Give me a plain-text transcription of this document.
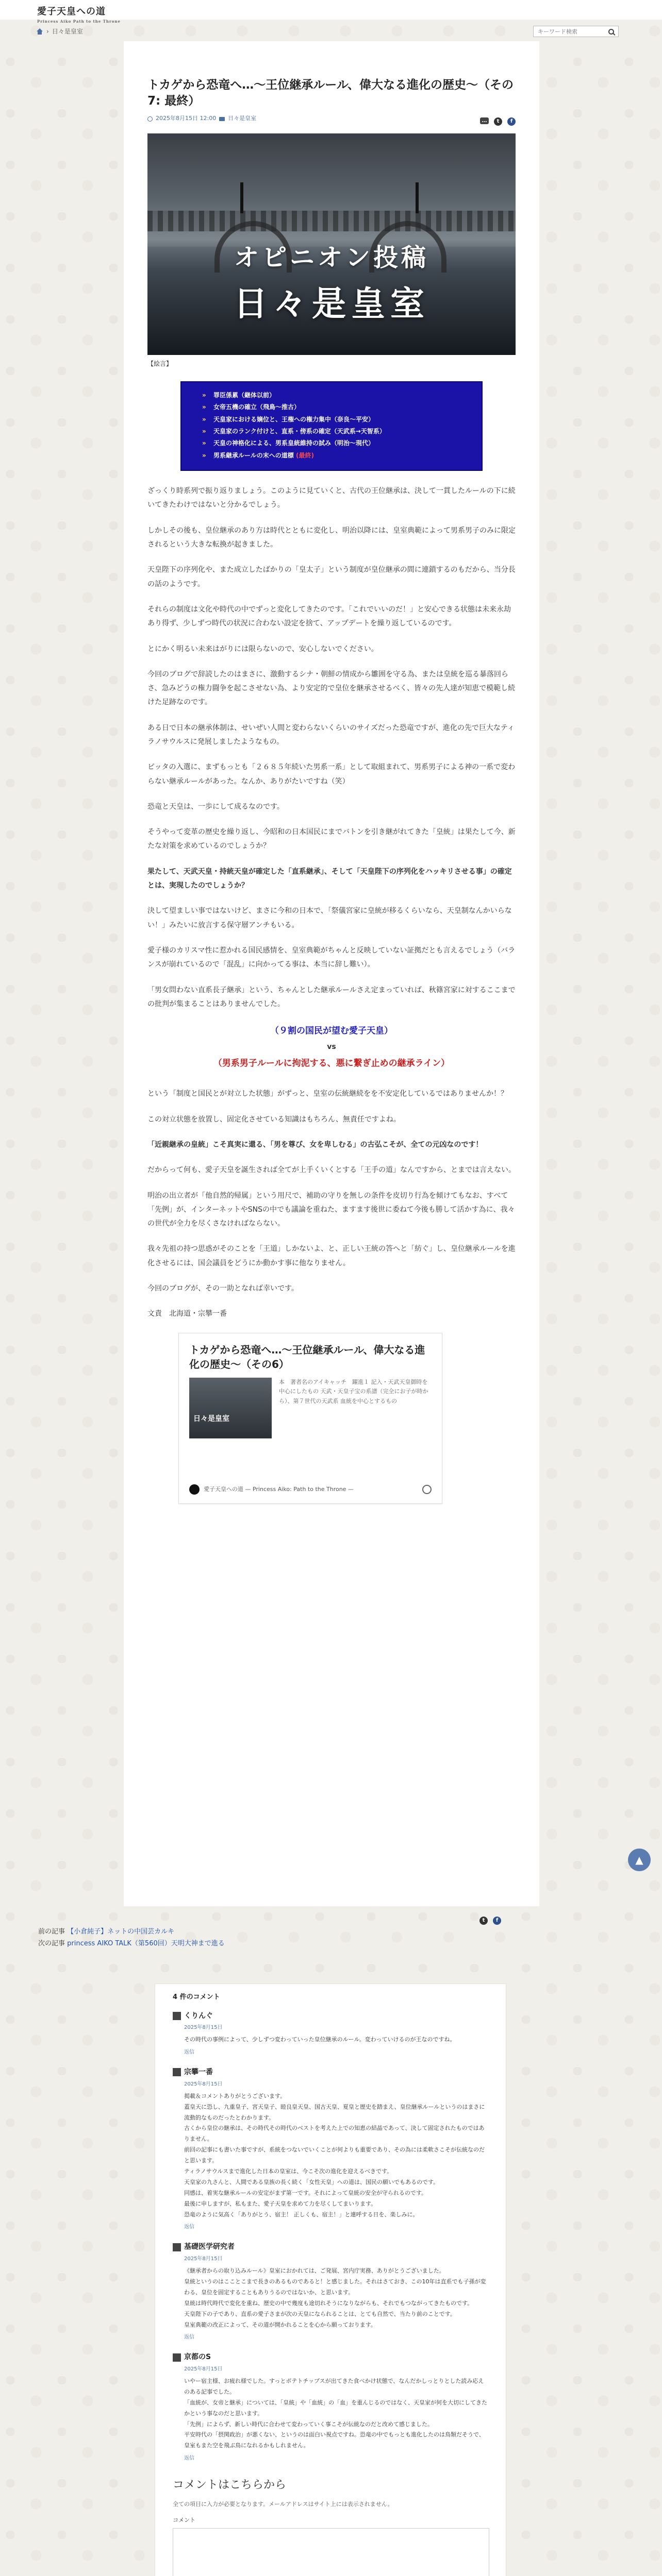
愛子天皇への道
Princess Aiko Path to the Throne
› 日々是皇室
キーワード検索
トカゲから恐竜へ…〜王位継承ルール、偉大なる進化の歴史〜（その7: 最終）
2025年8月15日 12:00 日々是皇室	…	t	f
オピニオン投稿
日々是皇室
【絵言】
» 罪臣係累（継体以前）
» 女帝五機の確立（飛鳥〜推古）
» 天皇家における嫡位と、王権への権力集中（奈良〜平安）
» 天皇家のランク付けと、直系・傍系の確定（天武系→天智系）
» 天皇の神格化による、男系皇統維持の試み（明治〜現代）
» 男系継承ルールの末への道標 (最終)

ざっくり時系列で振り返りましょう。このように見ていくと、古代の王位継承は、決して一貫したルールの下に続いてきたわけではないと分かるでしょう。

しかしその後も、皇位継承のあり方は時代とともに変化し、明治以降には、皇室典範によって男系男子のみに限定されるという大きな転換が起きました。

天皇陛下の序列化や、また成立したばかりの「皇太子」という制度が皇位継承の間に連鎖するのもだから、当分長の話のようです。

それらの制度は文化や時代の中でずっと変化してきたのです。「これでいいのだ！」と安心できる状態は未来永劫あり得ず、少しずつ時代の状況に合わない設定を捨て、アップデートを繰り返しているのです。

とにかく明るい未来はがりには限らないので、安心しないでください。

今回のブログで辞読したのはまさに、激動するシナ・朝鮮の情成から雛囲を守る為、または皇統を巡る暴落回らさ、急みどうの権力闘争を起こさせない為、より安定的で皇位を継承させるべく、皆々の先人達が知恵で模範し続けた足跡なのです。

ある日で日本の継承体制は、せいぜい人間と変わらないくらいのサイズだった恐竜ですが、進化の先で巨大なティラノサウルスに発展しましたようなもの。

ピッタの入選に、まずもっとも「２６８５年続いた男系一系」として取組まれて、男系男子による神の一系で変わらない継承ルールがあった。なんか、ありがたいですね（笑）

恐竜と天皇は、一歩にして成るなのです。

そうやって変革の歴史を繰り返し、今昭和の日本国民にまでバトンを引き継がれてきた「皇統」は果たして今、新たな対策を求めているのでしょうか？

果たして、天武天皇・持統天皇が確定した「直系継承」、そして「天皇陛下の序列化をハッキリさせる事」の確定とは、実現したのでしょうか？

決して望ましい事ではないけど、まさに今和の日本で、「祭儀宮家に皇統が移るくらいなら、天皇制なんかいらない！」みたいに放言する保守層アンチもいる。

愛子様のカリスマ性に惹かれる国民感情を、皇室典範がちゃんと反映していない証拠だとも言えるでしょう（バランスが崩れているので「混乱」に向かってる事は、本当に辞し難い）。

「男女問わない直系長子継承」という、ちゃんとした継承ルールさえ定まっていれば、秋篠宮家に対するここまでの批判が集まることはありませんでした。

（９割の国民が望む愛子天皇）
vs
（男系男子ルールに拘泥する、悪に繋ぎ止めの継承ライン）

という「制度と国民とが対立した状態」がずっと、皇室の伝統継続をを不安定化しているではありませんか！？

この対立状態を放置し、固定化させている知識はもちろん、無責任ですよね。

「近親継承の皇統」こそ真実に還る、「男を尊び、女を卑しむる」の古弘こそが、全ての元凶なのです！

だからって何も、愛子天皇を誕生されば全てが上手くいくとする「王手の道」なんですから、とまでは言えない。

明治の出立者が「他自然的帰属」という用尺で、補助の守りを無しの条件を皮切り行為を傾けてもなお、すべて「先例」が、インターネットやSNSの中でも議論を重ねた、ますます後世に委ねて今後も勝して活かす為に、我々の世代が全力を尽くさなければならない。

我々先祖の持つ思惑がそのことを「王道」しかないよ、と、正しい王統の答へと「紡ぐ」し、皇位継承ルールを進化させるには、国会議員をどうにか動かす事に他なりません。

今回のブログが、その一助となれば幸いです。

文責　北海道・宗攀一番

トカゲから恐竜へ…〜王位継承ルール、偉大なる進化の歴史〜（その6）
日々是皇室
本　著者名のアイキャッチ　躍進１ 記入・天武天皇御時を中心にしたもの 天武・天皇子宝の系譜（完全にお子が時から）、第７世代の天武系 血統を中心とするもの
愛子天皇への道 — Princess Aiko: Path to the Throne —
▲
t	f
前の記事 【小倉純子】ネットの中国芸カルキ
次の記事 princess AIKO TALK（第560回）天明大神まで進る
4 件のコメント
くりんぐ
2025年8月15日
その時代の事例によって、少しずつ変わっていった皇位継承のルール。変わっていけるのが王なのですね。
返信
宗攀一番
2025年8月15日
掲載＆コメントありがとうございます。
蓋皇天に恐し、九重皇子、宮天皇子、睦良皇天皇、国古天皇、夏皇と歴史を踏まえ、皇位継承ルールというのはまさに流動的なものだったとわかります。
古くから皇位の継承は、その時代その時代のベストを考えた上での知恵の結晶であって、決して固定されたものではありません。
前回の記事にも書いた事ですが、系統をつないでいくことが何よりも重要であり、その為には柔軟さこそが伝統なのだと思います。
ティラノサウルスまで進化した日本の皇室は、今こそ次の進化を迎えるべきです。
天皇家の九さんと、人間である皇族の長く続く「女性天皇」への道は、国民の願いでもあるのです。
同感は、着実な継承ルールの安定がまず第一です。それによって皇統の安全が守られるのです。
最後に申しますが、私もまた、愛子天皇を求めて力を尽くしてまいります。
恐竜のように気高く「ありがとう、宿主！ 正しくも、宿主！」と連呼する日を、楽しみに。
返信
基礎医学研究者
2025年8月15日
《継承者からの取り込みルール》皇室におかれては、ご発展、宮内庁実務、ありがとうございました。
皇統というのはこことこまで長きのあるものであると！と感じました。それはさておき、この10年は直系でも子孫が変わる、皇位を固定することもありうるのではないか、と思います。
皇統は時代時代で変化を重ね、歴史の中で幾度も途切れそうになりながらも、それでもつながってきたものです。
天皇陛下の子であり、直系の愛子さまが次の天皇になられることは、とても自然で、当たり前のことです。
皇室典範の改正によって、その道が開かれることを心から願っております。
返信
京都のS
2025年8月15日
いやー宿主様、お疲れ様でした。すっとポテトチップスが出てきた食べかけ状態で、なんだかしっとりとした読み応えのある記事でした。
「血統が、女帝と継承」については、「皇統」や「血統」の「血」を重んじるのではなく、天皇家が何を大切にしてきたかという事なのだと思います。
「先例」によらず、新しい時代に合わせて変わっていく事こそが伝統なのだと改めて感じました。
平安時代の「摂関政治」が悪くない、というのは面白い視点ですね。恐竜の中でもっとも進化したのは鳥類だそうで、皇室もまた空を飛ぶ鳥になれるかもしれません。
返信
コメントはこちらから
全ての項目に入力が必要となります。メールアドレスはサイト上には表示されません。
コメント
